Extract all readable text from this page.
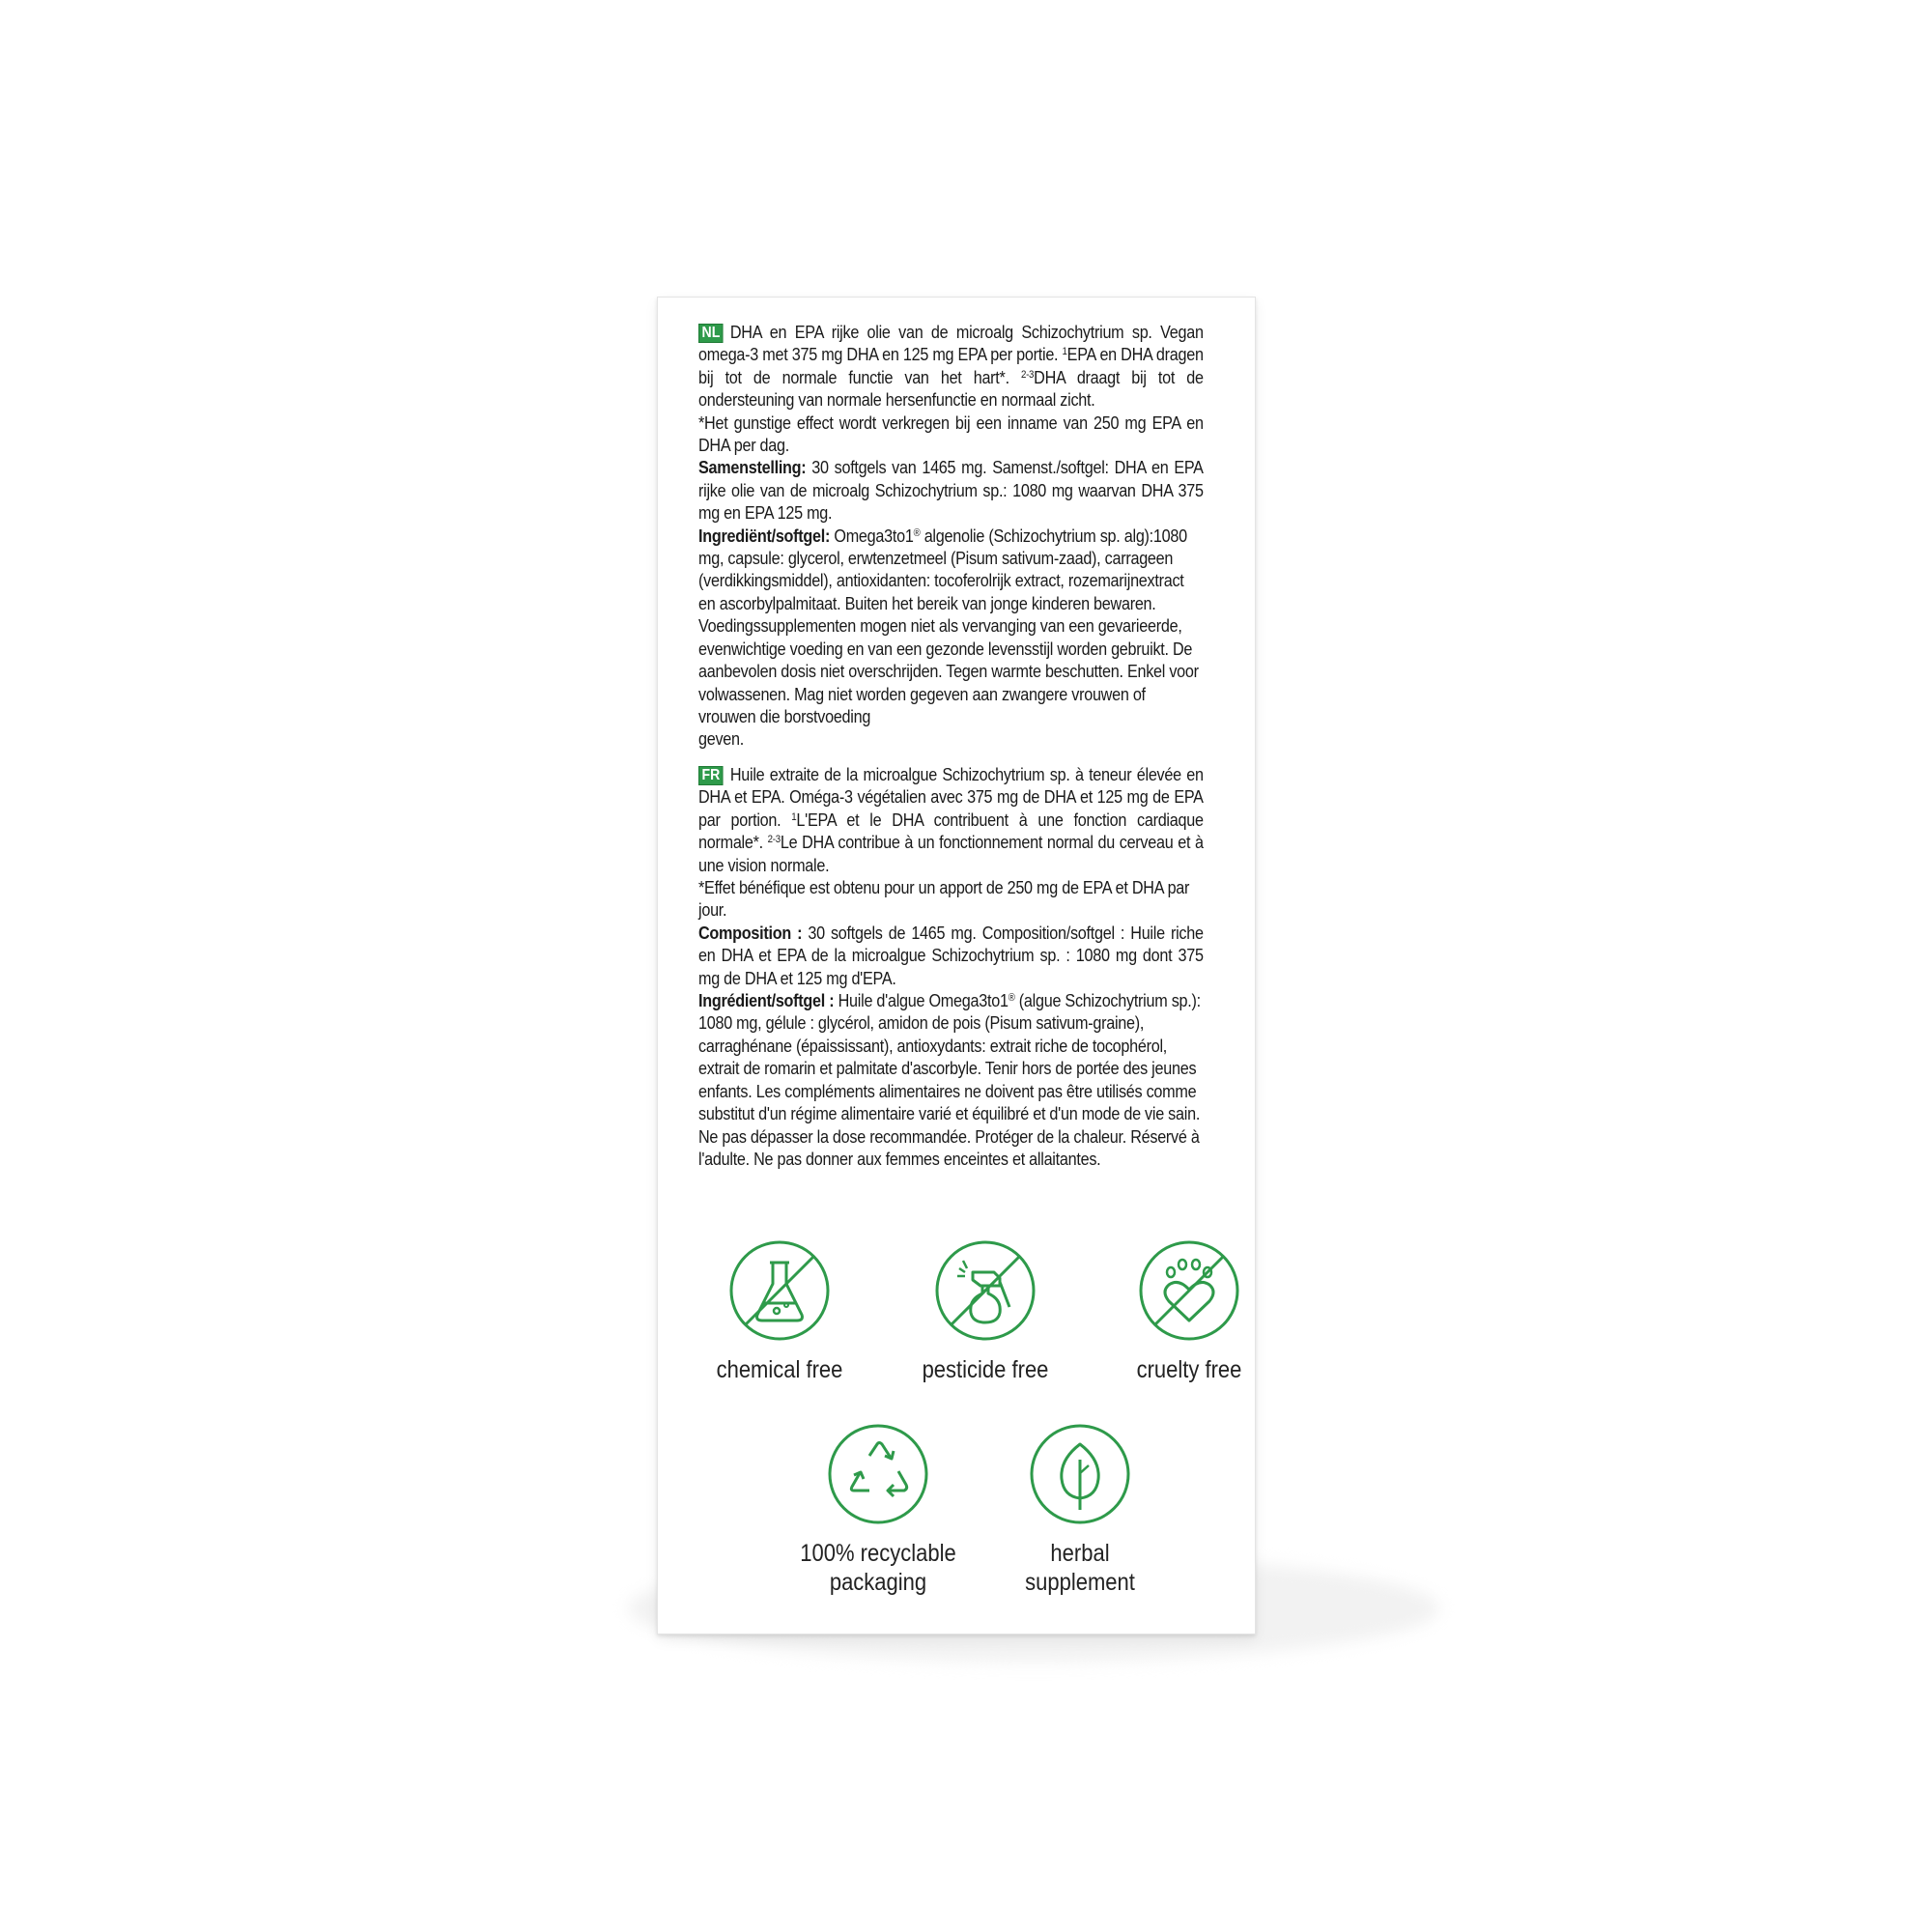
NL DHA en EPA rijke olie van de microalg Schizochytrium sp. Vegan omega-3 met 375 mg DHA en 125 mg EPA per portie. $^1$EPA en DHA dragen bij tot de normale functie van het hart*. $^{2-3}$DHA draagt bij tot de ondersteuning van normale hersenfunctie en normaal zicht.

*Het gunstige effect wordt verkregen bij een inname van 250 mg EPA en DHA per dag.

Samenstelling: 30 softgels van 1465 mg. Samenst./softgel: DHA en EPA rijke olie van de microalg Schizochytrium sp.: 1080 mg waarvan DHA 375 mg en EPA 125 mg.

Ingrediënt/softgel: Omega3to1® algenolie (Schizochytrium sp. alg):1080 mg, capsule: glycerol, erwtenzetmeel (Pisum sativum-zaad), carrageen (verdikkingsmiddel), antioxidanten: tocoferolrijk extract, rozemarijnextract en ascorbylpalmitaat. Buiten het bereik van jonge kinderen bewaren. Voedingssupplementen mogen niet als vervanging van een gevarieerde, evenwichtige voeding en van een gezonde levensstijl worden gebruikt. De aanbevolen dosis niet overschrijden. Tegen warmte beschutten. Enkel voor volwassenen. Mag niet worden gegeven aan zwangere vrouwen of vrouwen die borstvoeding

geven.

FR Huile extraite de la microalgue Schizochytrium sp. à teneur élevée en DHA et EPA. Oméga-3 végétalien avec 375 mg de DHA et 125 mg de EPA par portion. $^1$L'EPA et le DHA contribuent à une fonction cardiaque normale*. $^{2-3}$Le DHA contribue à un fonctionnement normal du cerveau et à une vision normale.

*Effet bénéfique est obtenu pour un apport de 250 mg de EPA et DHA par jour.

Composition : 30 softgels de 1465 mg. Composition/softgel : Huile riche en DHA et EPA de la microalgue Schizochytrium sp. : 1080 mg dont 375 mg de DHA et 125 mg d'EPA.

Ingrédient/softgel : Huile d'algue Omega3to1® (algue Schizochytrium sp.): 1080 mg, gélule : glycérol, amidon de pois (Pisum sativum-graine), carraghénane (épaississant), antioxydants: extrait riche de tocophérol, extrait de romarin et palmitate d'ascorbyle. Tenir hors de portée des jeunes enfants. Les compléments alimentaires ne doivent pas être utilisés comme substitut d'un régime alimentaire varié et équilibré et d'un mode de vie sain. Ne pas dépasser la dose recommandée. Protéger de la chaleur. Réservé à l'adulte. Ne pas donner aux femmes enceintes et allaitantes.

chemical free	pesticide free	cruelty free
100% recyclable
packaging
herbal
supplement
